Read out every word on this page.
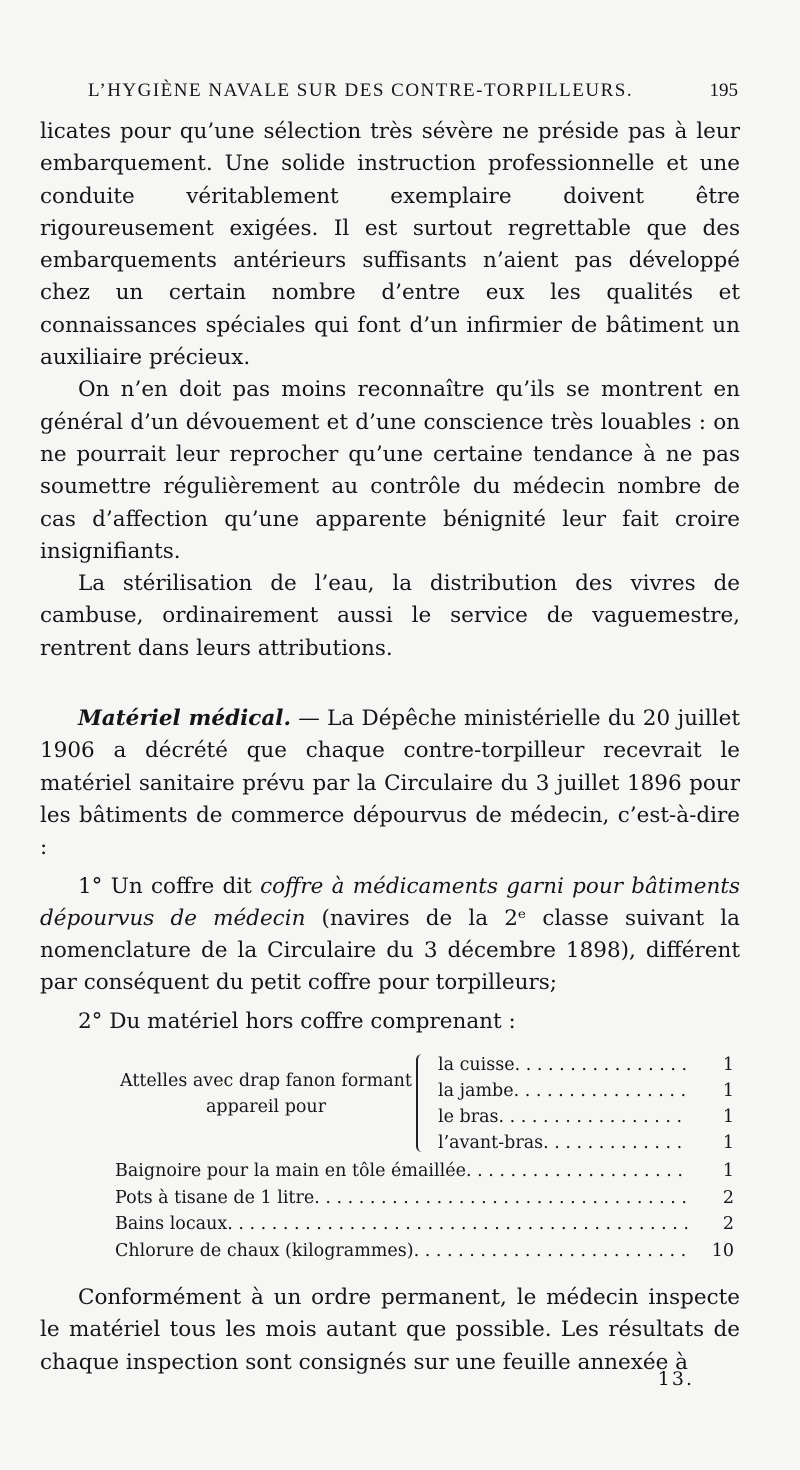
L’HYGIÈNE NAVALE SUR DES CONTRE-TORPILLEURS.	195

licates pour qu’une sélection très sévère ne préside pas à leur embarquement. Une solide instruction professionnelle et une conduite véritablement exemplaire doivent être rigoureusement exigées. Il est surtout regrettable que des embarquements antérieurs suffisants n’aient pas développé chez un certain nombre d’entre eux les qualités et connaissances spéciales qui font d’un infirmier de bâtiment un auxiliaire précieux.

On n’en doit pas moins reconnaître qu’ils se montrent en général d’un dévouement et d’une conscience très louables : on ne pourrait leur reprocher qu’une certaine tendance à ne pas soumettre régulièrement au contrôle du médecin nombre de cas d’affection qu’une apparente bénignité leur fait croire insignifiants.

La stérilisation de l’eau, la distribution des vivres de cambuse, ordinairement aussi le service de vaguemestre, rentrent dans leurs attributions.

Matériel médical. — La Dépêche ministérielle du 20 juillet 1906 a décrété que chaque contre-torpilleur recevrait le matériel sanitaire prévu par la Circulaire du 3 juillet 1896 pour les bâtiments de commerce dépourvus de médecin, c’est-à-dire :

1° Un coffre dit coffre à médicaments garni pour bâtiments dépourvus de médecin (navires de la 2ᵉ classe suivant la nomenclature de la Circulaire du 3 décembre 1898), différent par conséquent du petit coffre pour torpilleurs;

2° Du matériel hors coffre comprenant :

Attelles avec drap fanon formant appareil pour
la cuisse . . .	1
la jambe . . .	1
le bras . . .	1
l’avant-bras . . .	1
Baignoire pour la main en tôle émaillée . . .	1
Pots à tisane de 1 litre . . .	2
Bains locaux . . .	2
Chlorure de chaux (kilogrammes) . . .	10

Conformément à un ordre permanent, le médecin inspecte le matériel tous les mois autant que possible. Les résultats de chaque inspection sont consignés sur une feuille annexée à

13.
